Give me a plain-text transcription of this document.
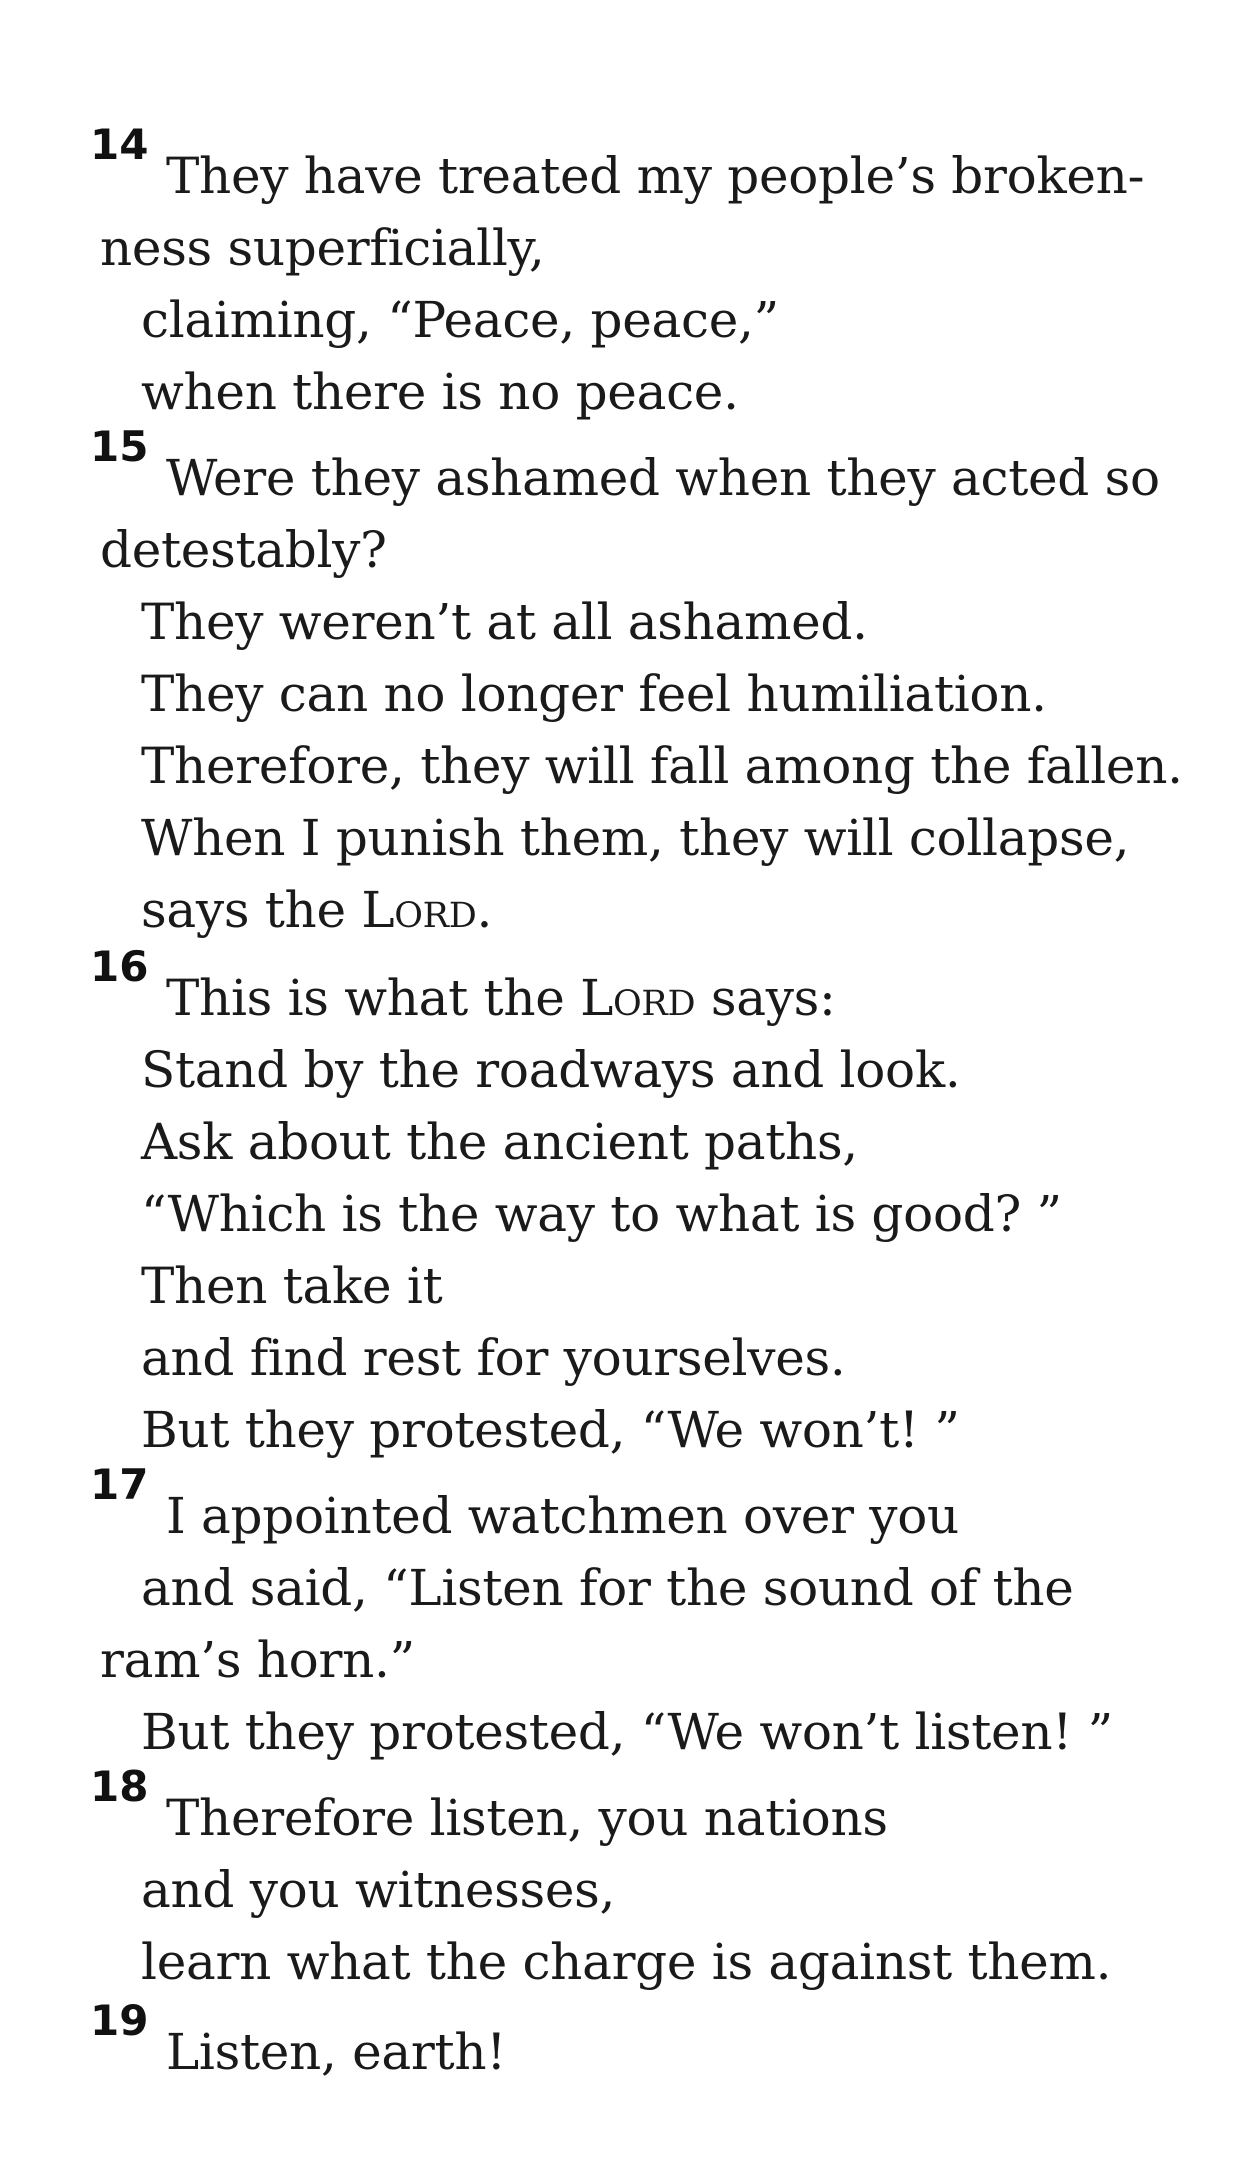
14
They have treated my people’s broken-
ness superficially,
claiming, “Peace, peace,”
when there is no peace.
15
Were they ashamed when they acted so
detestably?
They weren’t at all ashamed.
They can no longer feel humiliation.
Therefore, they will fall among the fallen.
When I punish them, they will collapse,
says the Lord.
16
This is what the Lord says:
Stand by the roadways and look.
Ask about the ancient paths,
“Which is the way to what is good? ”
Then take it
and find rest for yourselves.
But they protested, “We won’t! ”
17
I appointed watchmen over you
and said, “Listen for the sound of the
ram’s horn.”
But they protested, “We won’t listen! ”
18
Therefore listen, you nations
and you witnesses,
learn what the charge is against them.
19
Listen, earth!
